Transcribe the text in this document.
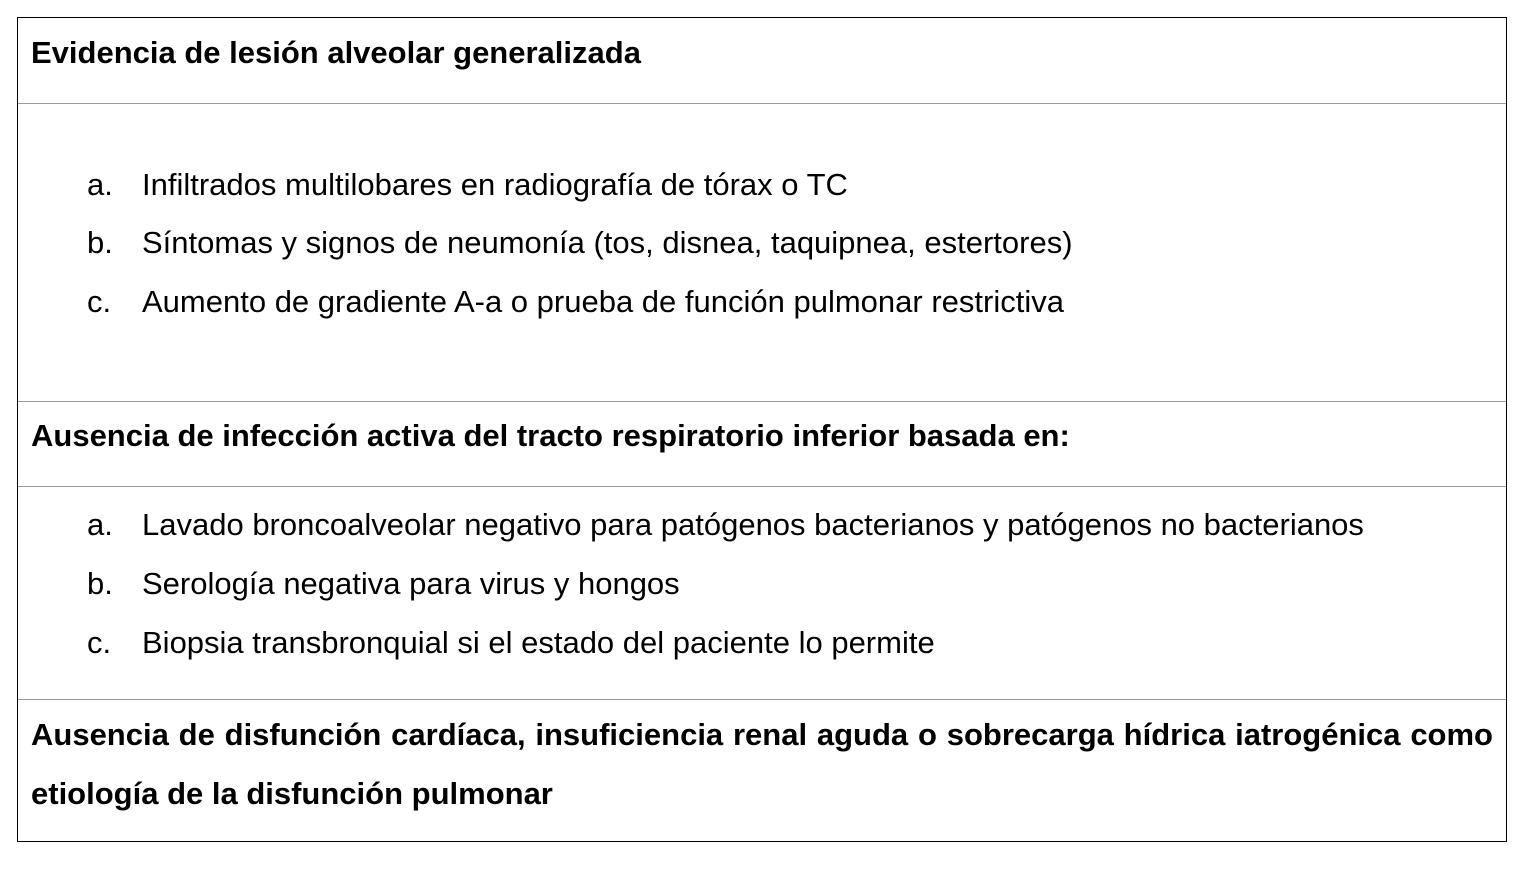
Evidencia de lesión alveolar generalizada
a. Infiltrados multilobares en radiografía de tórax o TC
b. Síntomas y signos de neumonía (tos, disnea, taquipnea, estertores)
c. Aumento de gradiente A-a o prueba de función pulmonar restrictiva
Ausencia de infección activa del tracto respiratorio inferior basada en:
a. Lavado broncoalveolar negativo para patógenos bacterianos y patógenos no bacterianos
b. Serología negativa para virus y hongos
c. Biopsia transbronquial si el estado del paciente lo permite
Ausencia de disfunción cardíaca, insuficiencia renal aguda o sobrecarga hídrica iatrogénica como etiología de la disfunción pulmonar
